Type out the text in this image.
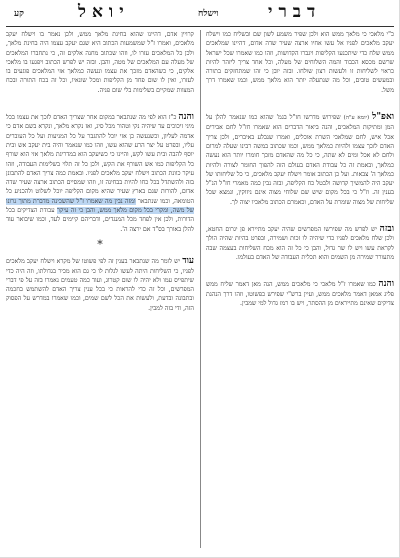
קע	יואל	וישלח	דברי

כ"י מלאכי כי מלאך ממש הוא ולכן שפיר משמע לשון שם ובשליח כמו וישלח יעקב מלאכים לפניו אל עשו אחיו ארצה שעיר שדה אדום, דהיינו שמלאכים ממש שלח כדי שיתכנעו הקליפות ויגברו הקדושות, וזהו כמו שאמרו שכל ישראל שרשם מכסא הכבוד והמה השלוחים של מעלה, וכל אחד צריך ליזהר להיות כראוי לשליחות זו ולעשות רצון שולחו. ובזה יובן כי זהו שמתחזקים בתורה ובמעשים טובים, וכל מה שנתעלה יותר הוא מלאך ממש, וכמו שאמרו דרך משל.

ואפ"ל (יומא ע"ה) שפירוש מדרשו חז"ל בגמ' שהוא כמו שנאמר להלן על המן ומתיקות המלאכים, והנה ביאור הדברים הוא שאמרו חז"ל לחם אבירים אכל איש, לחם שמלאכי השרת אוכלים, ואמרו שנבלע באיברים, ולכן צריך האדם לזכך עצמו ולהיות כמלאך ממש, וכמו שכתוב במשה רבינו שעלה למרום ולחם לא אכל ומים לא שתה, כי כל מה שהאדם מזכך חומרו יותר הוא נעשה כמלאך, ובאמת זה כל עבודת האדם בעולם הזה להפוך החומר לצורה ולהיות כמלאך ה' צבאות. ועל כן הכתוב אומר וישלח יעקב מלאכים, כי כל שליחותו של יעקב היה להמשיך קדושה ולבטל כח הקליפה, ובזה נבין כמה מאמרי חז"ל הנ"ל בענין זה. וז"ל כי בכל מקום שיש שם שלוחי מצוה אינם ניזוקין, ונמצא שכל שליחות של מצוה שומרת על האדם, וכאמרם הכתוב מלאכיו יצוה לך.

ובזה יש לפרש מה שפירשו המפרשים שהיה יעקב מתיירא פן יגרום החטא, ולכן שלח מלאכים לפניו כדי שיהיה לו זכות ושמירה, ובפרט בהיות שהיה הולך לקראת עשו ויש לו שר גדול, והבן כי כל זה הוא מכח השליחות בעצמה שבה מתעורר שמירה מן השמים והוא תכלית העבודה של האדם בעולמו.

והנה כמו שאמרו ז"ל מלאכי כי מלאכים ממש, הנה מאן דאמר שליח ממש פליג אמאן דאמר מלאכים ממש, ועיין ברש"י שפירש כפשוטו, וזהו דרך הנהגת צדיקים שאינם מתייראים מן ההסתר, ויש בו רמז גדול למי שמבין.

קרויין אדם, דהיינו שהוא בחינת מלאך ממש, ולכן נאמר בו וישלח יעקב מלאכים, ואמרו ז"ל שמשמעות הכתוב היא שגם יעקב עצמו היה בחינת מלאך, ולכן כל המלאכים עזרו לו, וזהו שכתוב מחנה אלקים זה, כי נתחברו המלאכים של מעלה עם המלאכים של מטה, והבן. ובזה יש לפרש הכתוב ויפגעו בו מלאכי אלקים, כי כשהאדם מזכך את עצמו ונעשה כמלאך אזי המלאכים פוגעים בו לעזרו, ואין לו שום פחד מן הקליפות ומכל שונאיו, וכל זה בכח התורה ובכח המצוות שמקיים בשלימות בלי שום פניה.

והנה כ"ז הוא לפי מה שנתבאר במקום אחר שצריך האדם לזכך את עצמו בכל מיני זיכוכים עד שיהיה נקי וטהור מכל סיג, ואז נקרא מלאך, ונקרא בשם אדם כי אדמה לעליון, וכשנעשה כן אזי יוכל להתגבר על כל המניעות ועל כל העוברים עליו, ובפרט על יצר הרע שהוא עשו, וזהו כמו שנאמר והיה בית יעקב אש ובית יוסף להבה ובית עשו לקש, והיינו כי כשיעקב הוא במדריגת מלאך אזי הוא שורף כל הקליפות כמו אש השורף את הקש, ולכן כל זה תלוי בשלימות העבודה, וזהו עיקר כוונת הכתוב וישלח יעקב מלאכים לפניו. ובאמת כמה צריך האדם להתבונן בזה ולהשתדל בכל כחו להיות בבחינה זו, וזהו שמסיים הכתוב ארצה שעיר שדה אדום, להורות שגם בארץ שעיר שהיא מקום הקליפה יוכל לשלוט ולהכניע כל הטומאה, וכמו שנתבאר ומזה נבין מה שאמרו ז"ל שהשכינה מדברת מתוך גרונו של משה, ומקרי בכל מקום מלאך ממש, והבן כי זה עיקר עבודת הצדיקים בכל הדורות, ולכן אין לפחד מכל המנגדים, ודבריהם קיימים לעד, וכמו שיבואר עוד להלן באורך בס"ד אם ירצה ה'.

*

עוד יש לומר מה שנתבאר בענין זה לפי פשוטו של מקרא וישלח יעקב מלאכים לפניו, כי השליחות היתה לעשו לגלות לו כי גם הוא מכיר בגדולתו, וזה היה כדי שיתפייס עמו ולא יהיה לו שום קטרוג, ועוד כמה טעמים נאמרו בזה על פי דברי המפרשים, וכל זה כדי להראות כי בכל ענין צריך האדם להשתמש בחכמה ובתבונה ובדעת, ולעשות את הכל לשם שמים, וכמו שאמרו במדרש על הפסוק הזה, ודי בזה למבין.
